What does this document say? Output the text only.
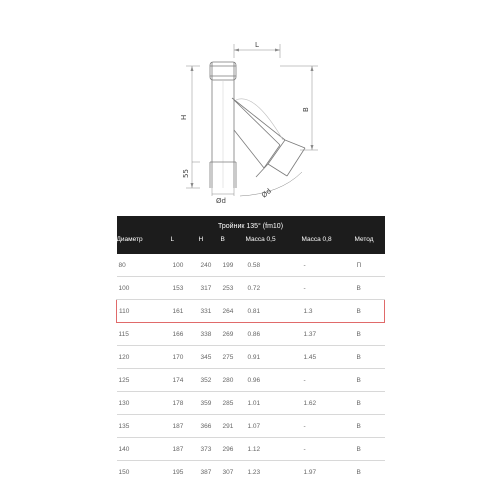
L
H
55
B
Ød
Ød
Тройник 135° (fm10)						
Диаметр	L	H	B	Масса 0,5	Масса 0,8	Метод
80	100	240	199	0.58	-	П
100	153	317	253	0.72	-	В
110	161	331	264	0.81	1.3	В
115	166	338	269	0.86	1.37	В
120	170	345	275	0.91	1.45	В
125	174	352	280	0.96	-	В
130	178	359	285	1.01	1.62	В
135	187	366	291	1.07	-	В
140	187	373	296	1.12	-	В
150	195	387	307	1.23	1.97	В
